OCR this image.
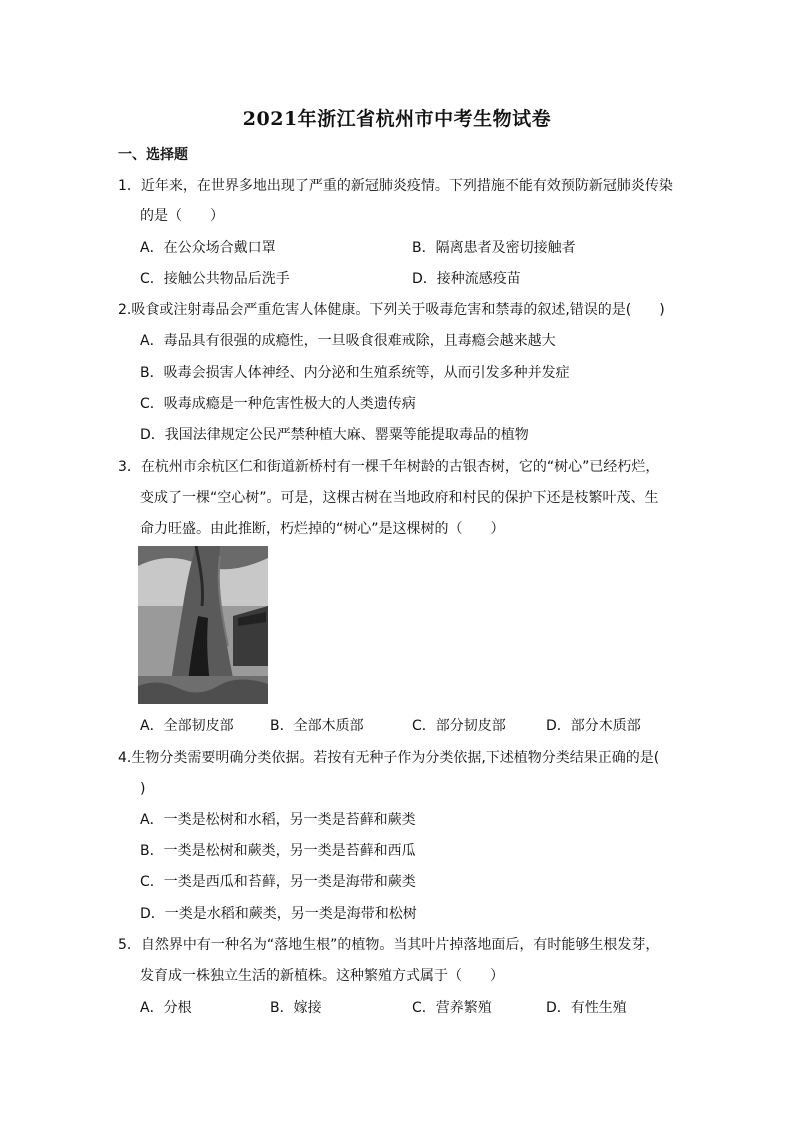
2021年浙江省杭州市中考生物试卷
一、选择题
1．近年来，在世界多地出现了严重的新冠肺炎疫情。下列措施不能有效预防新冠肺炎传染
的是（　　）
A．在公众场合戴口罩	B．隔离患者及密切接触者
C．接触公共物品后洗手	D．接种流感疫苗
2.吸食或注射毒品会严重危害人体健康。下列关于吸毒危害和禁毒的叙述,错误的是(　　)
A．毒品具有很强的成瘾性，一旦吸食很难戒除，且毒瘾会越来越大
B．吸毒会损害人体神经、内分泌和生殖系统等，从而引发多种并发症
C．吸毒成瘾是一种危害性极大的人类遗传病
D．我国法律规定公民严禁种植大麻、罂粟等能提取毒品的植物
3．在杭州市余杭区仁和街道新桥村有一棵千年树龄的古银杏树，它的“树心”已经朽烂，
变成了一棵“空心树”。可是，这棵古树在当地政府和村民的保护下还是枝繁叶茂、生
命力旺盛。由此推断，朽烂掉的“树心”是这棵树的（　　）
A．全部韧皮部	B．全部木质部	C．部分韧皮部	D．部分木质部
4.生物分类需要明确分类依据。若按有无种子作为分类依据,下述植物分类结果正确的是(
)
A．一类是松树和水稻，另一类是苔藓和蕨类
B．一类是松树和蕨类，另一类是苔藓和西瓜
C．一类是西瓜和苔藓，另一类是海带和蕨类
D．一类是水稻和蕨类，另一类是海带和松树
5．自然界中有一种名为“落地生根”的植物。当其叶片掉落地面后，有时能够生根发芽，
发育成一株独立生活的新植株。这种繁殖方式属于（　　）
A．分根	B．嫁接	C．营养繁殖	D．有性生殖
